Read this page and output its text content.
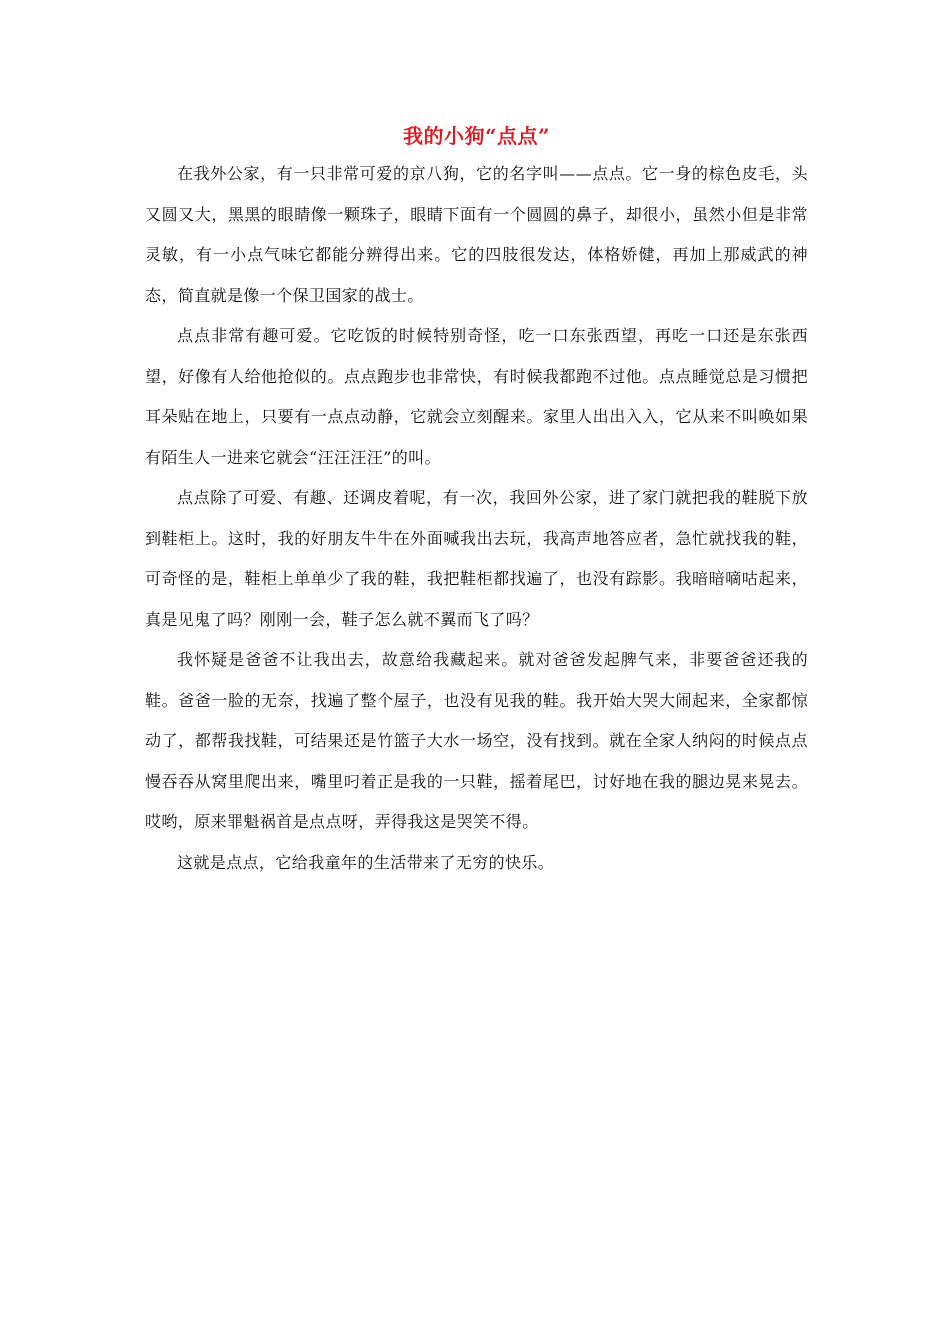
我的小狗“点点”

在我外公家，有一只非常可爱的京八狗，它的名字叫——点点。它一身的棕色皮毛，头又圆又大，黑黑的眼睛像一颗珠子，眼睛下面有一个圆圆的鼻子，却很小，虽然小但是非常灵敏，有一小点气味它都能分辨得出来。它的四肢很发达，体格娇健，再加上那威武的神态，简直就是像一个保卫国家的战士。

点点非常有趣可爱。它吃饭的时候特别奇怪，吃一口东张西望，再吃一口还是东张西望，好像有人给他抢似的。点点跑步也非常快，有时候我都跑不过他。点点睡觉总是习惯把耳朵贴在地上，只要有一点点动静，它就会立刻醒来。家里人出出入入，它从来不叫唤如果有陌生人一进来它就会“汪汪汪汪”的叫。

点点除了可爱、有趣、还调皮着呢，有一次，我回外公家，进了家门就把我的鞋脱下放到鞋柜上。这时，我的好朋友牛牛在外面喊我出去玩，我高声地答应者，急忙就找我的鞋，可奇怪的是，鞋柜上单单少了我的鞋，我把鞋柜都找遍了，也没有踪影。我暗暗嘀咕起来，真是见鬼了吗？刚刚一会，鞋子怎么就不翼而飞了吗？

我怀疑是爸爸不让我出去，故意给我藏起来。就对爸爸发起脾气来，非要爸爸还我的鞋。爸爸一脸的无奈，找遍了整个屋子，也没有见我的鞋。我开始大哭大闹起来，全家都惊动了，都帮我找鞋，可结果还是竹篮子大水一场空，没有找到。就在全家人纳闷的时候点点慢吞吞从窝里爬出来，嘴里叼着正是我的一只鞋，摇着尾巴，讨好地在我的腿边晃来晃去。哎哟，原来罪魁祸首是点点呀，弄得我这是哭笑不得。

这就是点点，它给我童年的生活带来了无穷的快乐。
